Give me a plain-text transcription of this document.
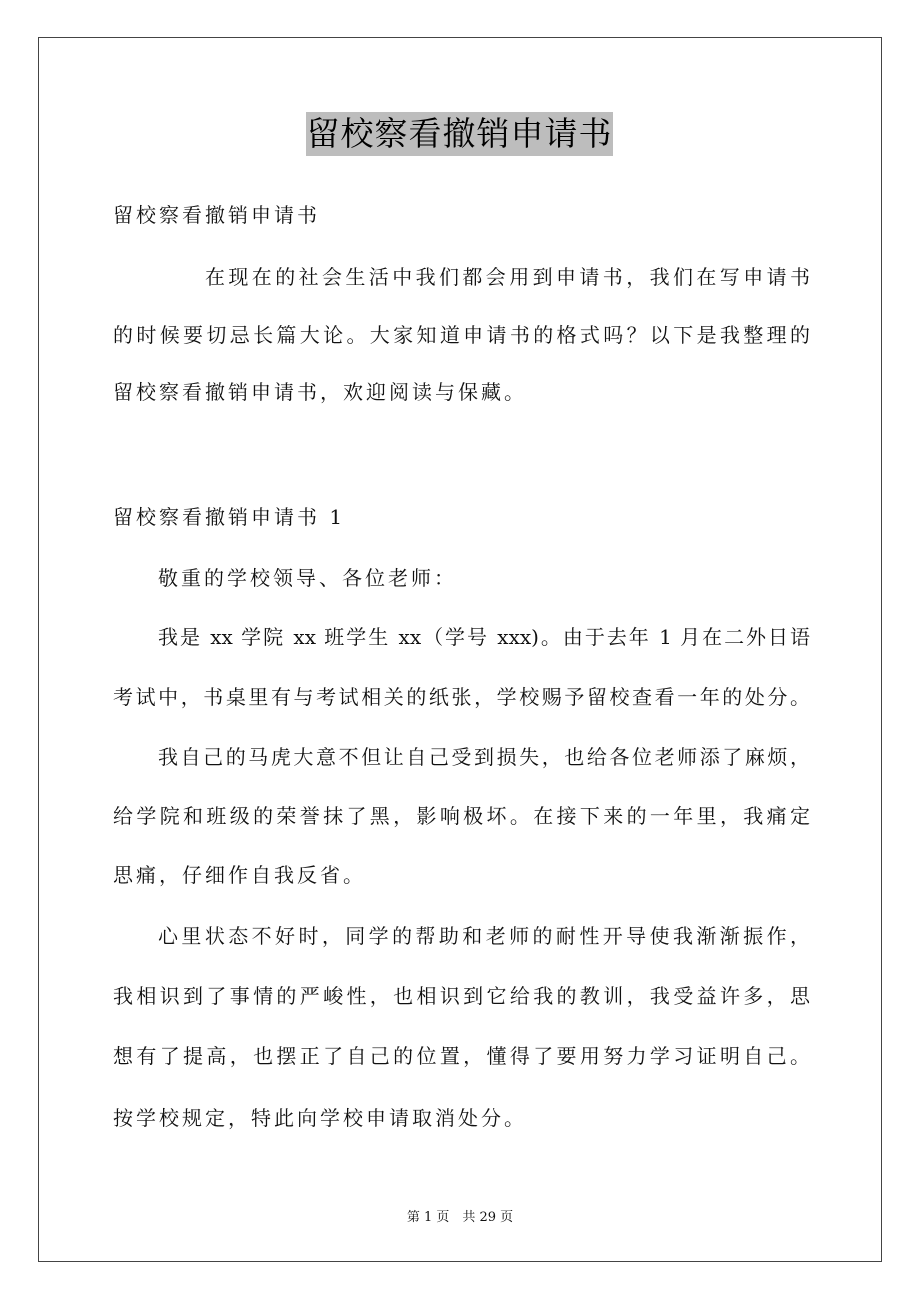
留校察看撤销申请书
留校察看撤销申请书
在现在的社会生活中我们都会用到申请书，我们在写申请书
的时候要切忌长篇大论。大家知道申请书的格式吗？以下是我整理的
留校察看撤销申请书，欢迎阅读与保藏。
留校察看撤销申请书 1
敬重的学校领导、各位老师：
我是 xx 学院 xx 班学生 xx（学号 xxx)。由于去年 1 月在二外日语
考试中，书桌里有与考试相关的纸张，学校赐予留校查看一年的处分。
我自己的马虎大意不但让自己受到损失，也给各位老师添了麻烦，
给学院和班级的荣誉抹了黑，影响极坏。在接下来的一年里，我痛定
思痛，仔细作自我反省。
心里状态不好时，同学的帮助和老师的耐性开导使我渐渐振作，
我相识到了事情的严峻性，也相识到它给我的教训，我受益许多，思
想有了提高，也摆正了自己的位置，懂得了要用努力学习证明自己。
按学校规定，特此向学校申请取消处分。
第 1 页　共 29 页
